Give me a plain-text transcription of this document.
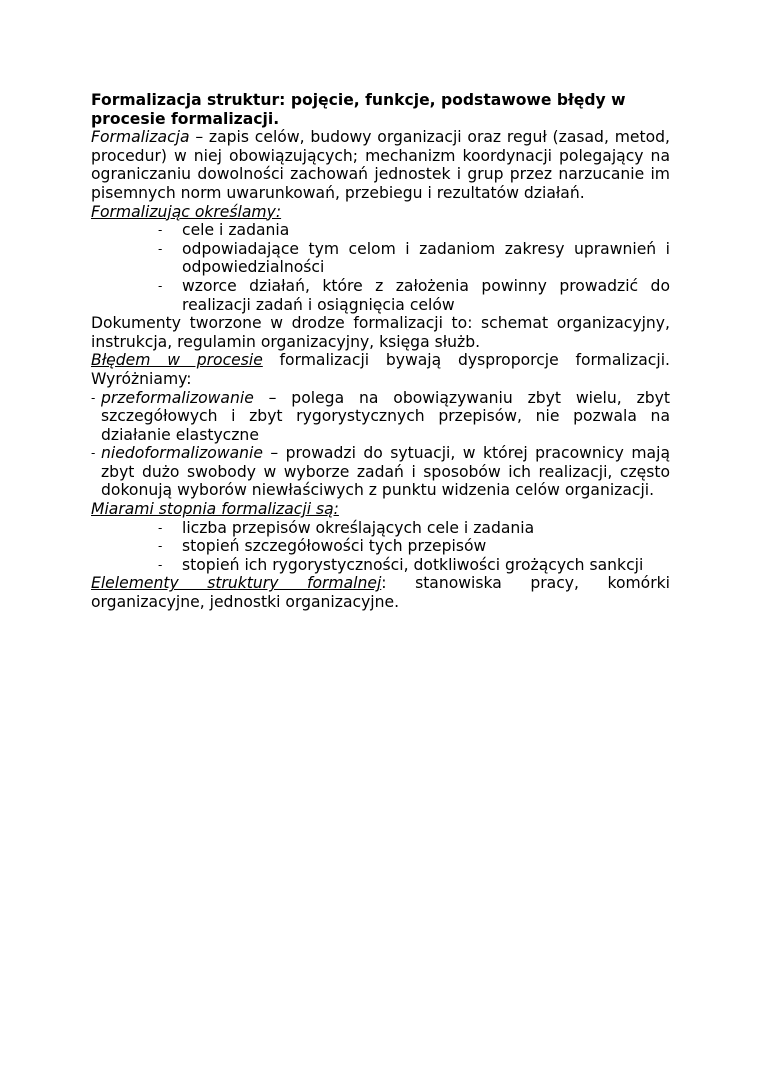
Formalizacja struktur: pojęcie, funkcje, podstawowe błędy w procesie formalizacji.

Formalizacja – zapis celów, budowy organizacji oraz reguł (zasad, metod, procedur) w niej obowiązujących; mechanizm koordynacji polegający na ograniczaniu dowolności zachowań jednostek i grup przez narzucanie im pisemnych norm uwarunkowań, przebiegu i rezultatów działań.

Formalizując określamy:

- cele i zadania
- odpowiadające tym celom i zadaniom zakresy uprawnień i odpowiedzialności
- wzorce działań, które z założenia powinny prowadzić do realizacji zadań i osiągnięcia celów

Dokumenty tworzone w drodze formalizacji to: schemat organizacyjny, instrukcja, regulamin organizacyjny, księga służb.

Błędem w procesie formalizacji bywają dysproporcje formalizacji.

Wyróżniamy:

- przeformalizowanie – polega na obowiązywaniu zbyt wielu, zbyt szczegółowych i zbyt rygorystycznych przepisów, nie pozwala na działanie elastyczne
- niedoformalizowanie – prowadzi do sytuacji, w której pracownicy mają zbyt dużo swobody w wyborze zadań i sposobów ich realizacji, często dokonują wyborów niewłaściwych z punktu widzenia celów organizacji.

Miarami stopnia formalizacji są:

- liczba przepisów określających cele i zadania
- stopień szczegółowości tych przepisów
- stopień ich rygorystyczności, dotkliwości grożących sankcji

Elelementy struktury formalnej: stanowiska pracy, komórki organizacyjne, jednostki organizacyjne.
